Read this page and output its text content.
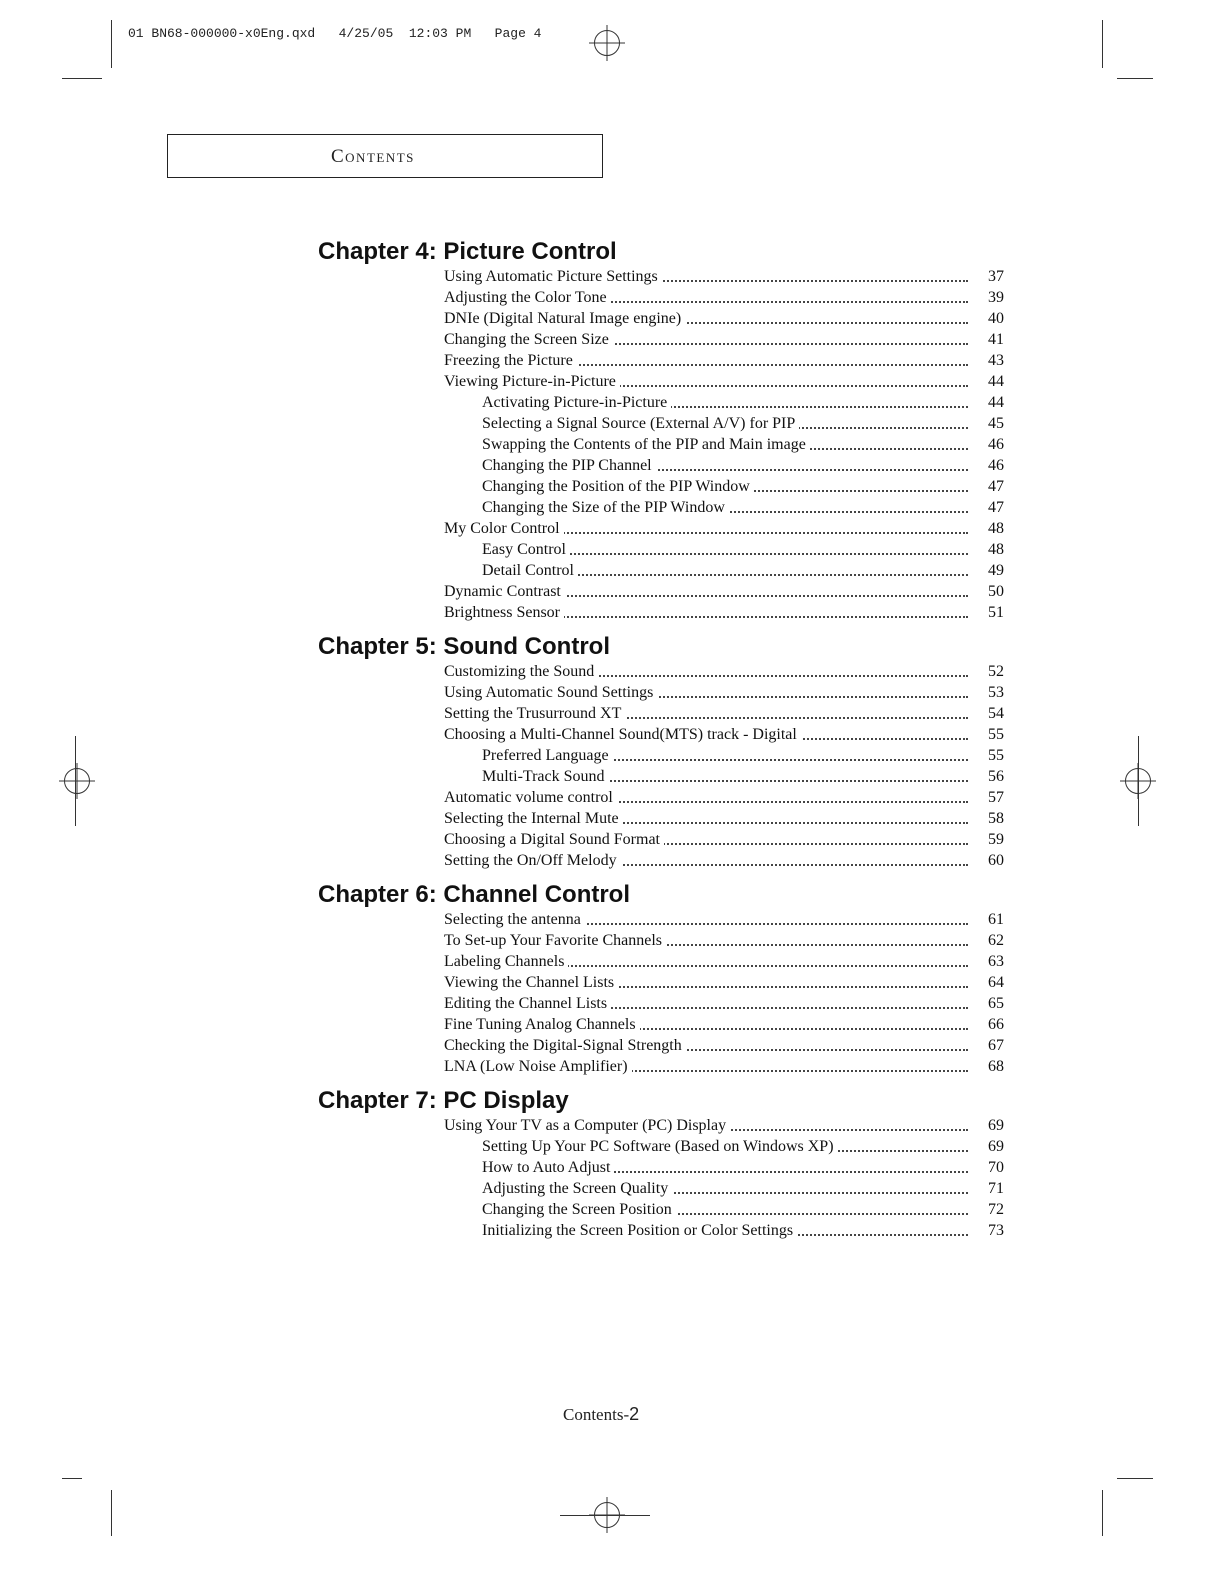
01 BN68-000000-x0Eng.qxd   4/25/05  12:03 PM   Page 4
Contents
Chapter 4: Picture Control
Using Automatic Picture Settings	37
Adjusting the Color Tone	39
DNIe (Digital Natural Image engine)	40
Changing the Screen Size	41
Freezing the Picture	43
Viewing Picture-in-Picture	44
Activating Picture-in-Picture	44
Selecting a Signal Source (External A/V) for PIP	45
Swapping the Contents of the PIP and Main image	46
Changing the PIP Channel	46
Changing the Position of the PIP Window	47
Changing the Size of the PIP Window	47
My Color Control	48
Easy Control	48
Detail Control	49
Dynamic Contrast	50
Brightness Sensor	51
Chapter 5: Sound Control
Customizing the Sound	52
Using Automatic Sound Settings	53
Setting the Trusurround XT	54
Choosing a Multi-Channel Sound(MTS) track - Digital	55
Preferred Language	55
Multi-Track Sound	56
Automatic volume control	57
Selecting the Internal Mute	58
Choosing a Digital Sound Format	59
Setting the On/Off Melody	60
Chapter 6: Channel Control
Selecting the antenna	61
To Set-up Your Favorite Channels	62
Labeling Channels	63
Viewing the Channel Lists	64
Editing the Channel Lists	65
Fine Tuning Analog Channels	66
Checking the Digital-Signal Strength	67
LNA (Low Noise Amplifier)	68
Chapter 7: PC Display
Using Your TV as a Computer (PC) Display	69
Setting Up Your PC Software (Based on Windows XP)	69
How to Auto Adjust	70
Adjusting the Screen Quality	71
Changing the Screen Position	72
Initializing the Screen Position or Color Settings	73
Contents-2
